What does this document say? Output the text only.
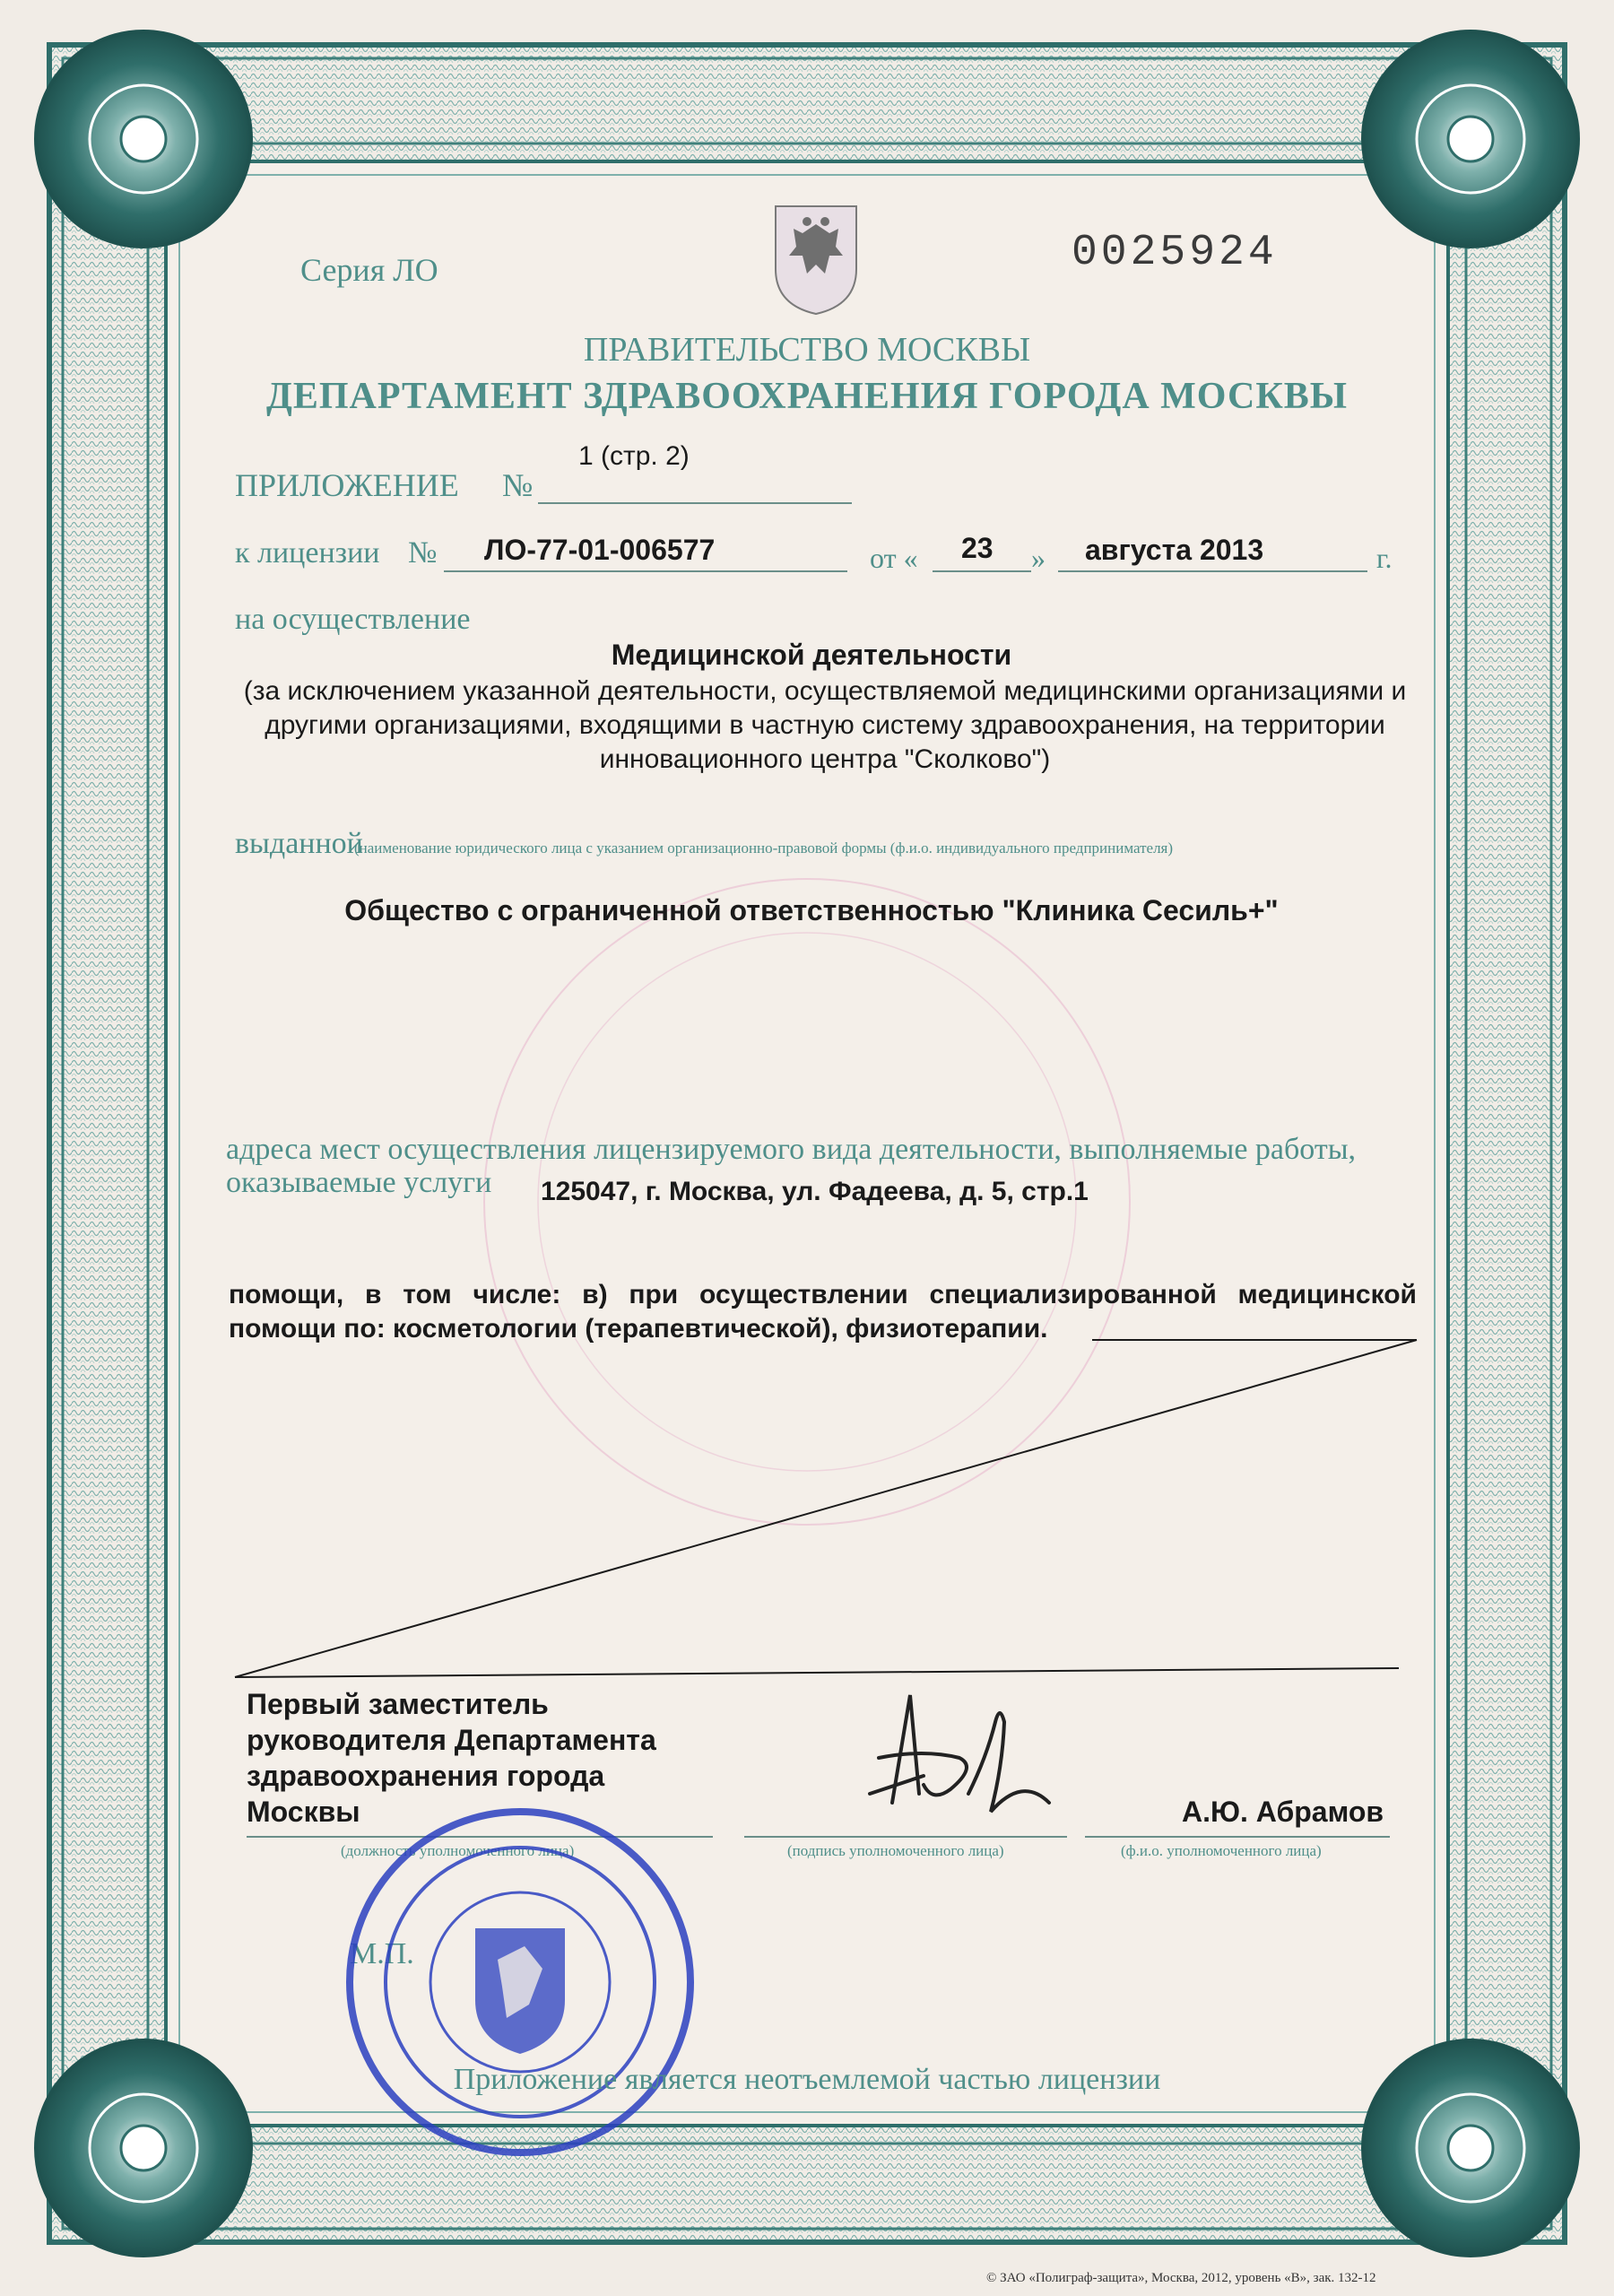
Серия ЛО	0025924
ПРАВИТЕЛЬСТВО МОСКВЫ
ДЕПАРТАМЕНТ ЗДРАВООХРАНЕНИЯ ГОРОДА МОСКВЫ
ПРИЛОЖЕНИЕ №
1 (стр. 2)
к лицензии № ЛО-77-01-006577	от « 23 » августа 2013	г.
на осуществление
Медицинской деятельности
(за исключением указанной деятельности, осуществляемой медицинскими организациями и другими организациями, входящими в частную систему здравоохранения, на территории инновационного центра "Сколково")
выданной
(наименование юридического лица с указанием организационно-правовой формы (ф.и.о. индивидуального предпринимателя)
Общество с ограниченной ответственностью "Клиника Сесиль+"
адреса мест осуществления лицензируемого вида деятельности, выполняемые работы,
оказываемые услуги 125047, г. Москва, ул. Фадеева, д. 5, стр.1
помощи, в том числе: в) при осуществлении специализированной медицинской помощи по: косметологии (терапевтической), физиотерапии.
Первый заместитель руководителя Департамента здравоохранения города Москвы
(должность уполномоченного лица)	(подпись уполномоченного лица)
А.Ю. Абрамов
(ф.и.о. уполномоченного лица)
М.П.
Приложение является неотъемлемой частью лицензии
© ЗАО «Полиграф-защита», Москва, 2012, уровень «В», зак. 132-12
